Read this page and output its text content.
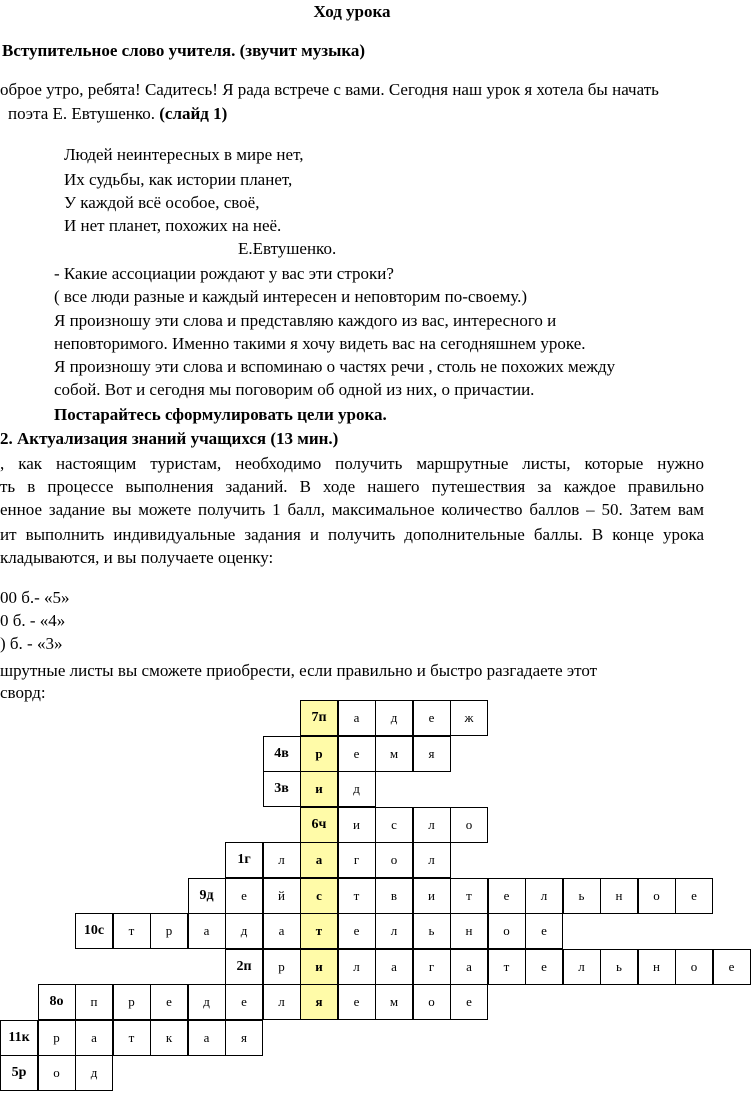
Ход урока
Вступительное слово учителя. (звучит музыка)
оброе утро, ребята! Садитесь! Я рада встрече с вами. Сегодня наш урок я хотела бы начать
поэта Е. Евтушенко. (слайд 1)
Людей неинтересных в мире нет,
Их судьбы, как истории планет,
У каждой всё особое, своё,
И нет планет, похожих на неё.
Е.Евтушенко.
- Какие ассоциации рождают у вас эти строки?
( все люди разные и каждый интересен и неповторим по-своему.)
Я произношу эти слова и представляю каждого из вас, интересного и
неповторимого. Именно такими я хочу видеть вас на сегодняшнем уроке.
Я произношу эти слова и вспоминаю о частях речи , столь не похожих между
собой. Вот и сегодня мы поговорим об одной из них, о причастии.
Постарайтесь сформулировать цели урока.
2. Актуализация знаний учащихся (13 мин.)
, как настоящим туристам, необходимо получить маршрутные листы, которые нужно
ть в процессе выполнения заданий. В ходе нашего путешествия за каждое правильно
енное задание вы можете получить 1 балл, максимальное количество баллов – 50. Затем вам
ит выполнить индивидуальные задания и получить дополнительные баллы. В конце урока
кладываются, и вы получаете оценку:
00 б.- «5»
0 б. - «4»
) б. - «3»
шрутные листы вы сможете приобрести, если правильно и быстро разгадаете этот
сворд:
7п	а	д	е	ж
4в	р	е	м	я
3в	и	д
6ч	и	с	л	о
1г	л	а	г	о	л
9д	е	й	с	т	в	и	т	е	л	ь	н	о	е
10с	т	р	а	д	а	т	е	л	ь	н	о	е
2п	р	и	л	а	г	а	т	е	л	ь	н	о	е
8о	п	р	е	д	е	л	я	е	м	о	е
11к	р	а	т	к	а	я
5р	о	д
